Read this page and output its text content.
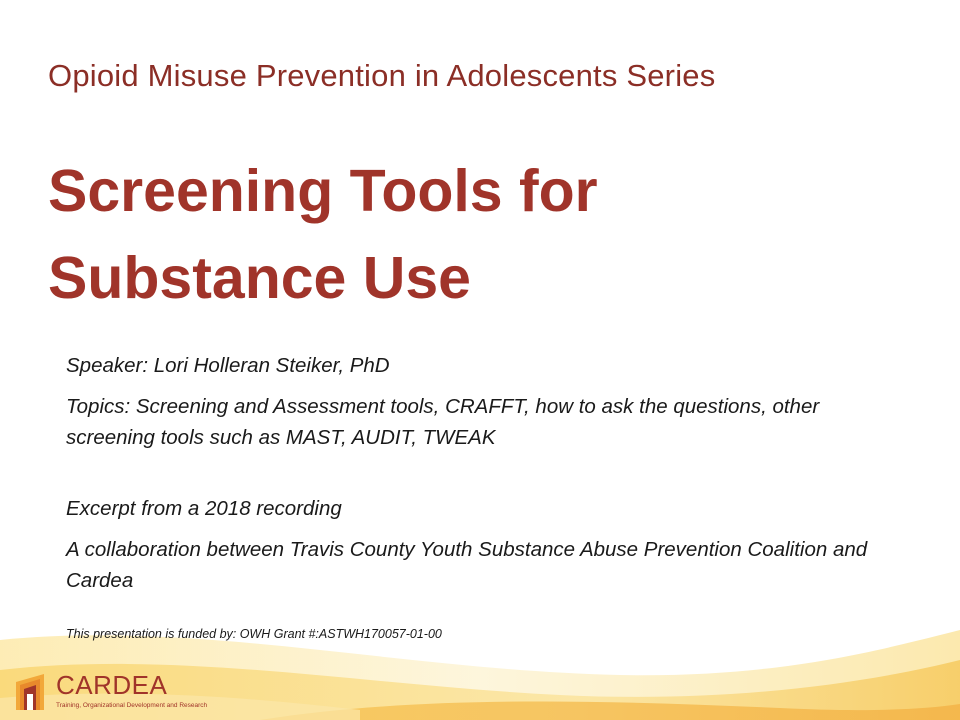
Opioid Misuse Prevention in Adolescents Series
Screening Tools for
Substance Use

Speaker: Lori Holleran Steiker, PhD

Topics: Screening and Assessment tools, CRAFFT, how to ask the questions, other screening tools such as MAST, AUDIT, TWEAK

Excerpt from a 2018 recording

A collaboration between Travis County Youth Substance Abuse Prevention Coalition and Cardea

This presentation is funded by: OWH Grant #:ASTWH170057-01-00
CARDEA
Training, Organizational Development and Research
